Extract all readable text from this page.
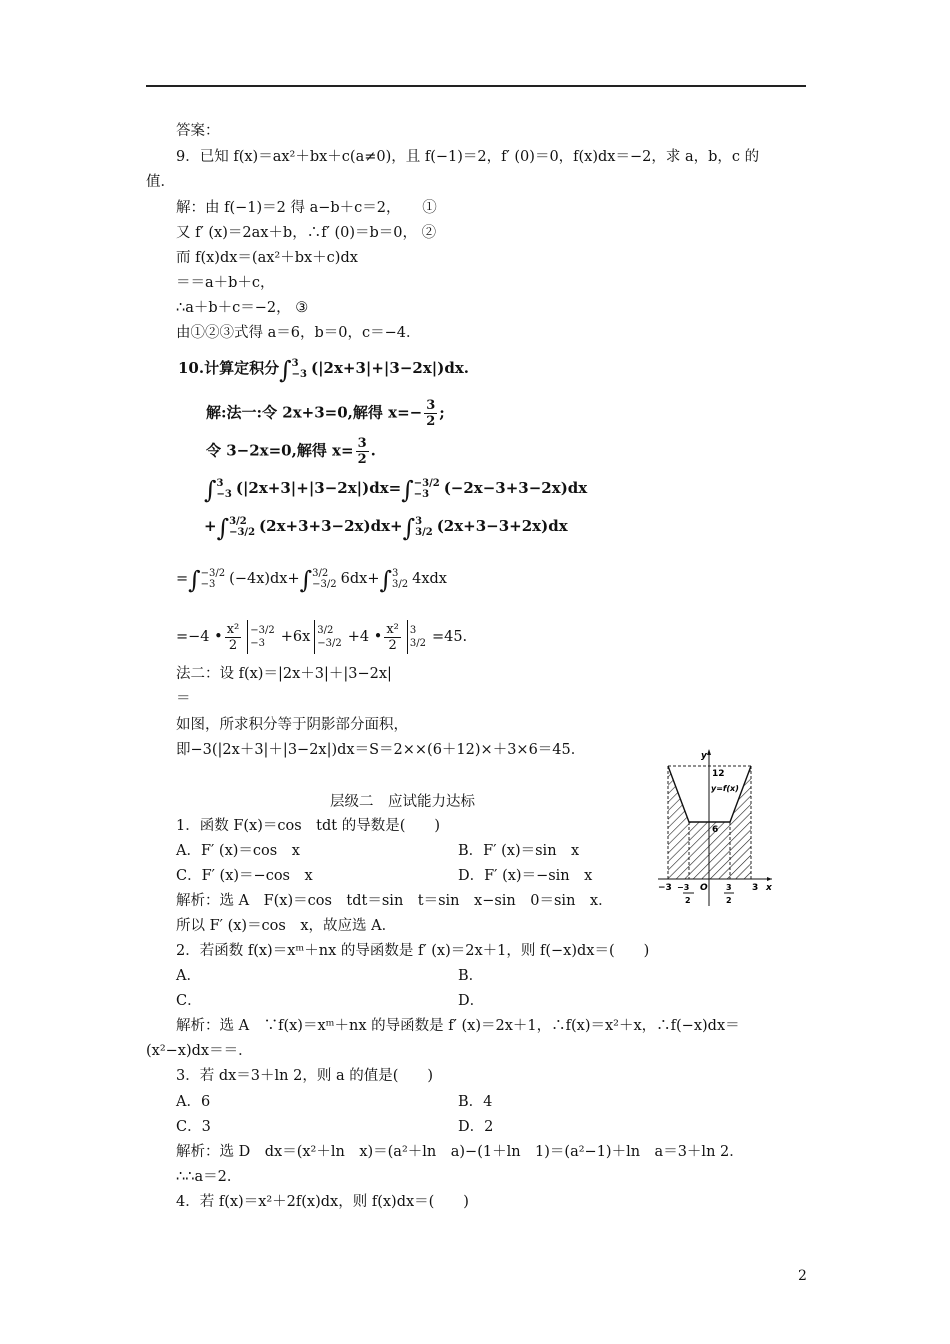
答案：
9．已知 f(x)＝ax²＋bx＋c(a≠0)，且 f(−1)＝2，f′ (0)＝0，f(x)dx＝−2，求 a，b，c 的
值．
解：由 f(−1)＝2 得 a−b＋c＝2，　　①
又 f′ (x)＝2ax＋b，∴f′ (0)＝b＝0， ②
而 f(x)dx＝(ax²＋bx＋c)dx
＝＝a＋b＋c，
∴a＋b＋c＝−2， ③
由①②③式得 a＝6，b＝0，c＝−4．
10.计算定积分∫3
−3 (|2x+3|+|3−2x|)dx.
解:法一:令 2x+3=0,解得 $x=- \frac{3}{2}$ ;
令 3−2x=0,解得 $x= \frac{3}{2}$ .
∫3
−3 (|2x+3|+|3−2x|)dx=∫−3/2
−3 (−2x−3+3−2x)dx
+∫3/2
−3/2 (2x+3+3−2x)dx+∫3
3/2 (2x+3−3+2x)dx
=∫−3/2
−3 (−4x)dx+∫3/2
−3/2 6dx+∫3
3/2 4xdx
=−4 • $\frac{\text{x²}}{2} -3/2$
−3 +6x 3/2
−3/2 +4 • $\frac{\text{x²}}{2} 3$
3/2 =45.
法二：设 f(x)＝|2x＋3|＋|3−2x|
＝
如图，所求积分等于阴影部分面积，
即−3(|2x＋3|＋|3−2x|)dx＝S＝2××(6＋12)×＋3×6＝45．
层级二　应试能力达标
1．函数 F(x)＝cos　tdt 的导数是(　　)
A．F′ (x)＝cos　x	B．F′ (x)＝sin　x
C．F′ (x)＝−cos　x	D．F′ (x)＝−sin　x
解析：选 A　F(x)＝cos　tdt＝sin　t＝sin　x−sin　0＝sin　x．
所以 F′ (x)＝cos　x，故应选 A．
2．若函数 f(x)＝xᵐ＋nx 的导函数是 f′ (x)＝2x＋1，则 f(−x)dx＝(　　)
A．	B．
C．	D．
解析：选 A　∵f(x)＝xᵐ＋nx 的导函数是 f′ (x)＝2x＋1，∴f(x)＝x²＋x，∴f(−x)dx＝
(x²−x)dx＝＝．
3．若 dx＝3＋ln 2，则 a 的值是(　　)
A．6	B．4
C．3	D．2
解析：选 D　dx＝(x²＋ln　x)＝(a²＋ln　a)−(1＋ln　1)＝(a²−1)＋ln　a＝3＋ln 2．
∴∴a＝2．
4．若 f(x)＝x²＋2f(x)dx，则 f(x)dx＝(　　)
2
y
x
12
y=f(x)
6
O
−3 −3
2
3
2
3
